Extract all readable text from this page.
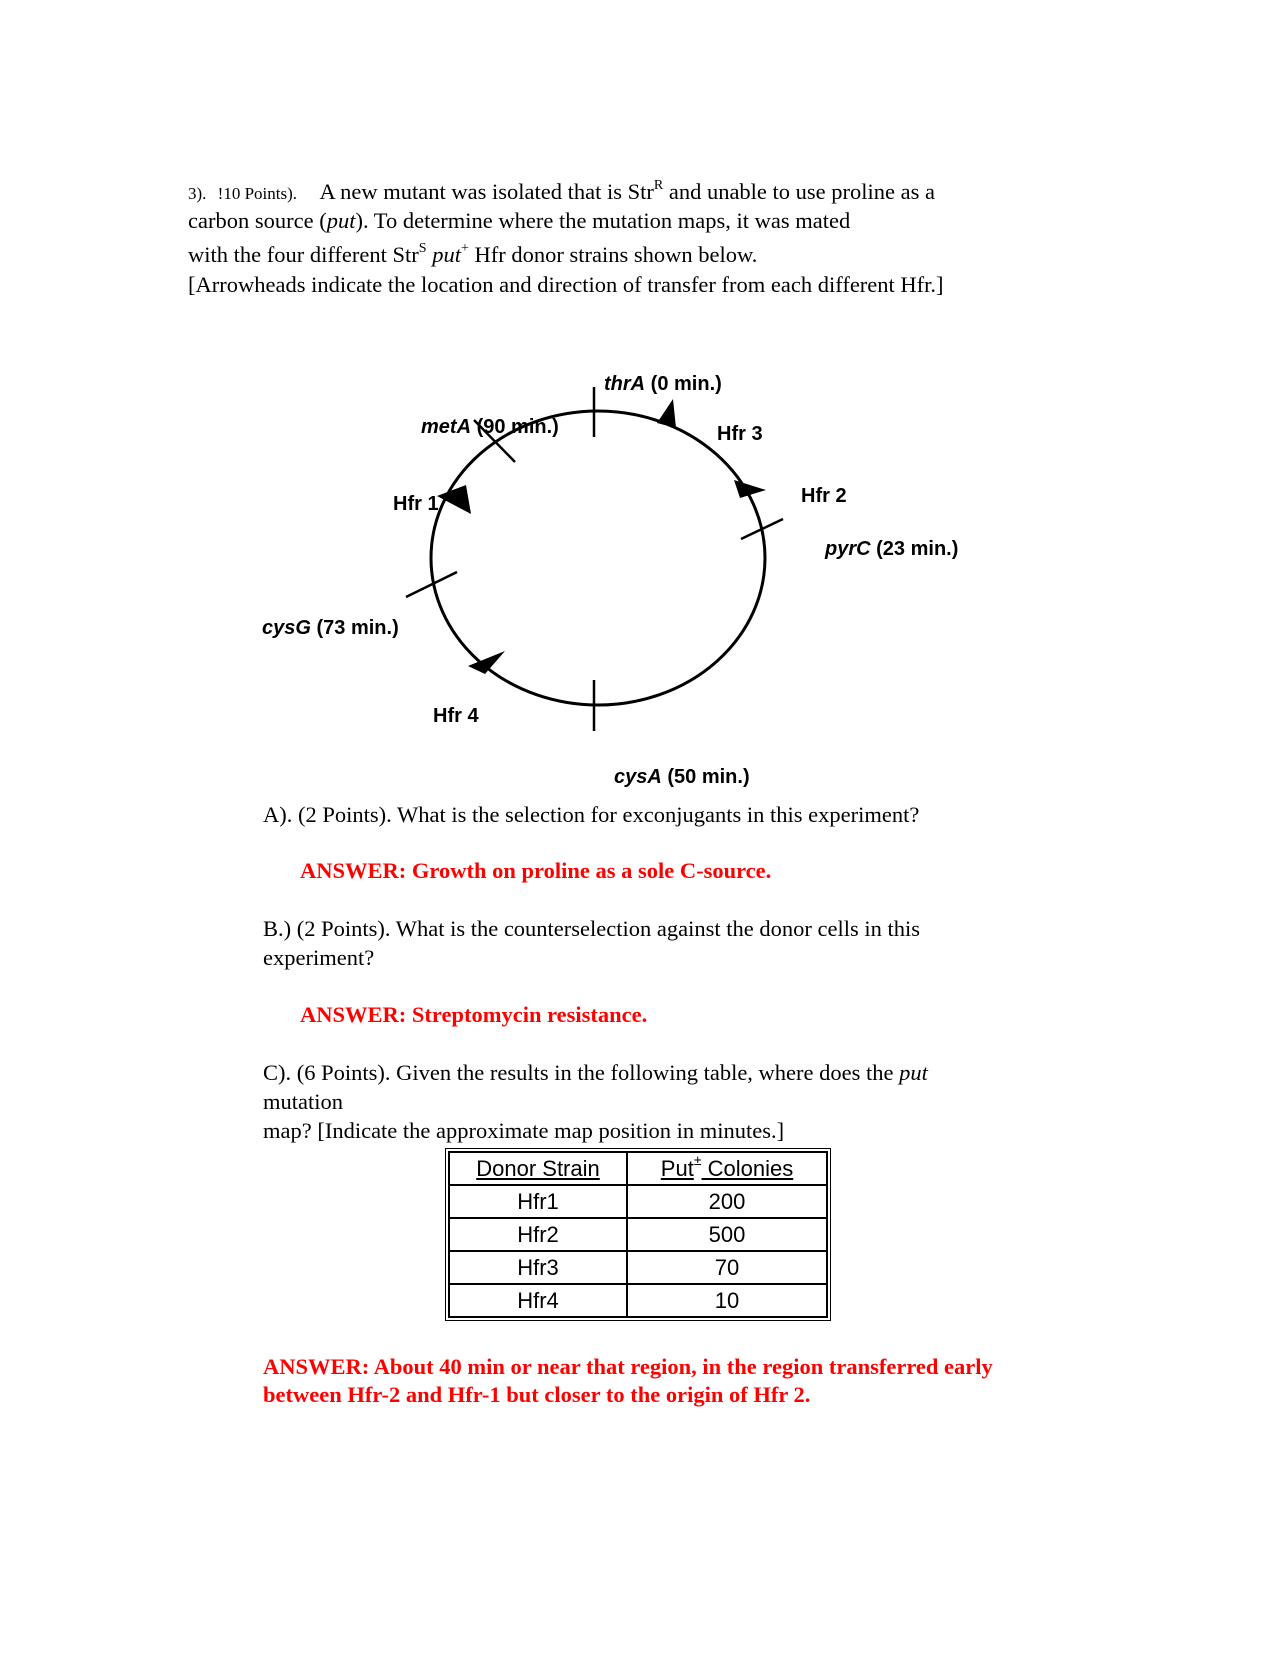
3). !10 Points). A new mutant was isolated that is Str$^R$ and unable to use proline as a
carbon source (put). To determine where the mutation maps, it was mated
with the four different Str$^S$ put+ Hfr donor strains shown below.
[Arrowheads indicate the location and direction of transfer from each different Hfr.]
thrA (0 min.)
metA (90 min.)
pyrC (23 min.)
cysG (73 min.)
cysA (50 min.)
Hfr 1	Hfr 2
Hfr 3
Hfr 4
A). (2 Points). What is the selection for exconjugants in this experiment?
ANSWER: Growth on proline as a sole C-source.
B.) (2 Points). What is the counterselection against the donor cells in this
experiment?
ANSWER: Streptomycin resistance.
C). (6 Points). Given the results in the following table, where does the put
mutation
map? [Indicate the approximate map position in minutes.]
Donor Strain	Put± Colonies
Hfr1	200
Hfr2	500
Hfr3	70
Hfr4	10
ANSWER: About 40 min or near that region, in the region transferred early
between Hfr-2 and Hfr-1 but closer to the origin of Hfr 2.
